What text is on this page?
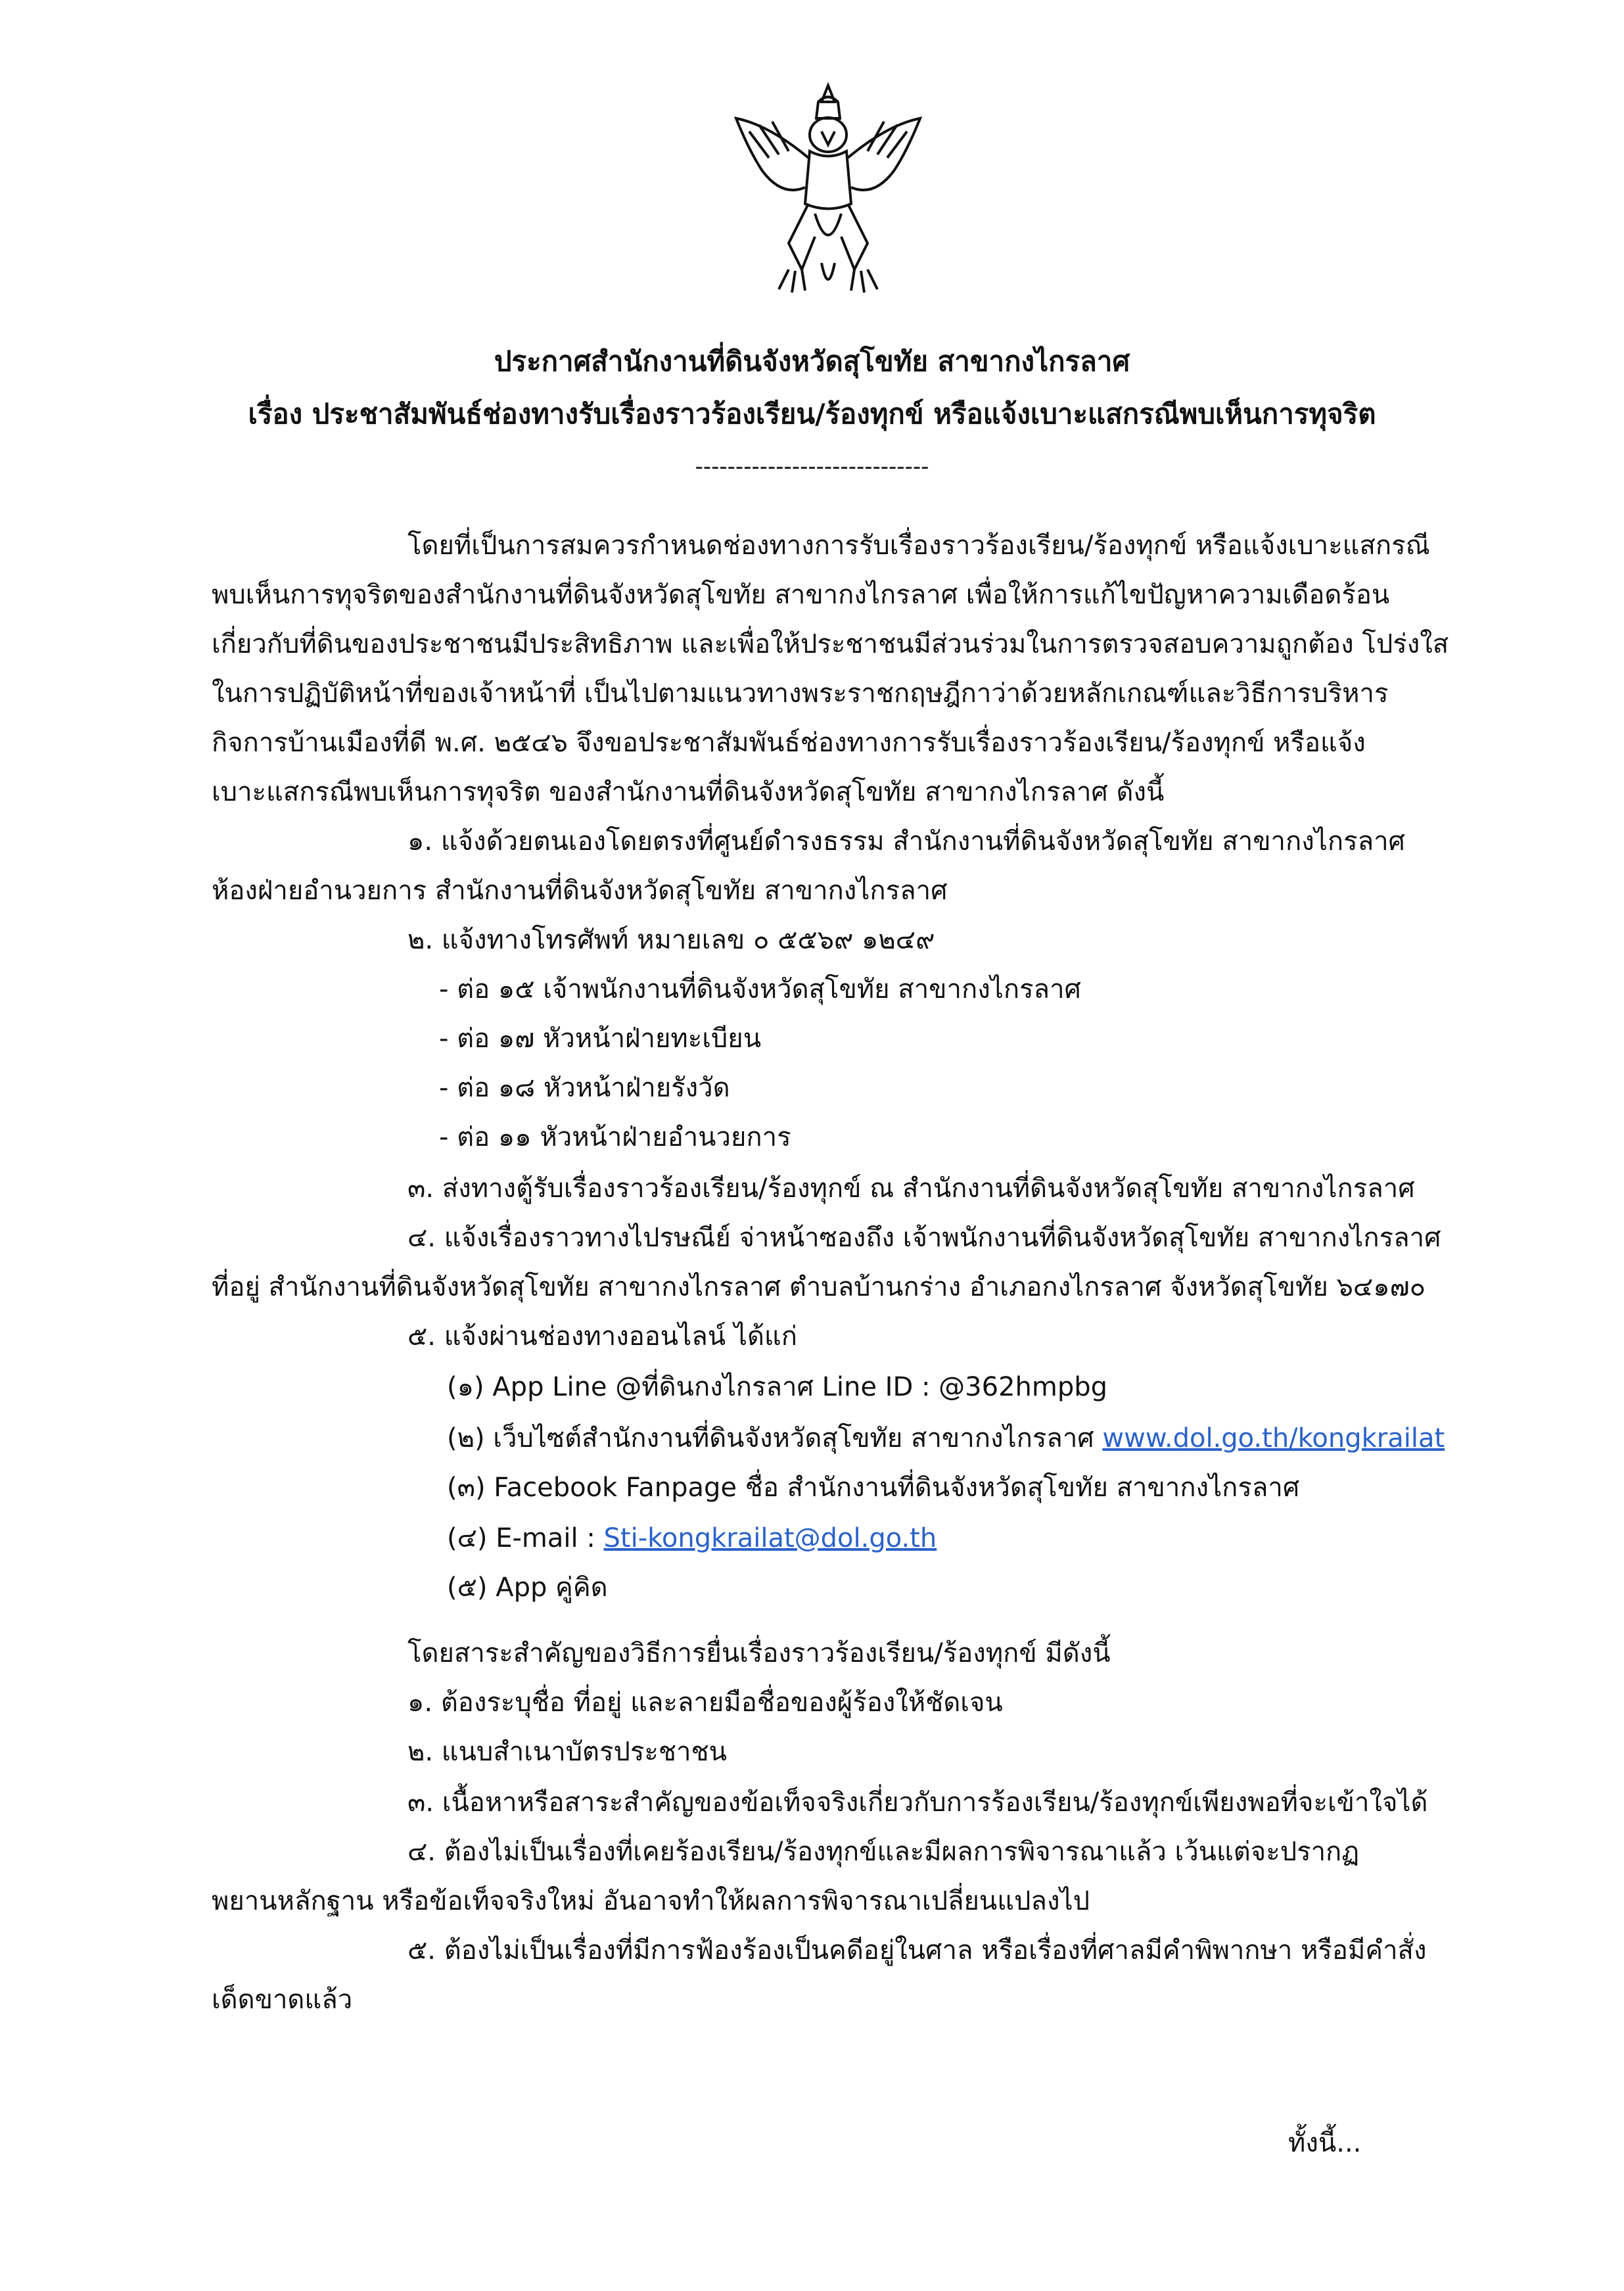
ประกาศสำนักงานที่ดินจังหวัดสุโขทัย สาขากงไกรลาศ
เรื่อง ประชาสัมพันธ์ช่องทางรับเรื่องราวร้องเรียน/ร้องทุกข์ หรือแจ้งเบาะแสกรณีพบเห็นการทุจริต
-----------------------------
โดยที่เป็นการสมควรกำหนดช่องทางการรับเรื่องราวร้องเรียน/ร้องทุกข์ หรือแจ้งเบาะแสกรณี
พบเห็นการทุจริตของสำนักงานที่ดินจังหวัดสุโขทัย สาขากงไกรลาศ เพื่อให้การแก้ไขปัญหาความเดือดร้อน
เกี่ยวกับที่ดินของประชาชนมีประสิทธิภาพ และเพื่อให้ประชาชนมีส่วนร่วมในการตรวจสอบความถูกต้อง โปร่งใส
ในการปฏิบัติหน้าที่ของเจ้าหน้าที่ เป็นไปตามแนวทางพระราชกฤษฎีกาว่าด้วยหลักเกณฑ์และวิธีการบริหาร
กิจการบ้านเมืองที่ดี พ.ศ. ๒๕๔๖ จึงขอประชาสัมพันธ์ช่องทางการรับเรื่องราวร้องเรียน/ร้องทุกข์ หรือแจ้ง
เบาะแสกรณีพบเห็นการทุจริต ของสำนักงานที่ดินจังหวัดสุโขทัย สาขากงไกรลาศ ดังนี้
๑. แจ้งด้วยตนเองโดยตรงที่ศูนย์ดำรงธรรม สำนักงานที่ดินจังหวัดสุโขทัย สาขากงไกรลาศ
ห้องฝ่ายอำนวยการ สำนักงานที่ดินจังหวัดสุโขทัย สาขากงไกรลาศ
๒. แจ้งทางโทรศัพท์ หมายเลข ๐ ๕๕๖๙ ๑๒๔๙
- ต่อ ๑๕ เจ้าพนักงานที่ดินจังหวัดสุโขทัย สาขากงไกรลาศ
- ต่อ ๑๗ หัวหน้าฝ่ายทะเบียน
- ต่อ ๑๘ หัวหน้าฝ่ายรังวัด
- ต่อ ๑๑ หัวหน้าฝ่ายอำนวยการ
๓. ส่งทางตู้รับเรื่องราวร้องเรียน/ร้องทุกข์ ณ สำนักงานที่ดินจังหวัดสุโขทัย สาขากงไกรลาศ
๔. แจ้งเรื่องราวทางไปรษณีย์ จ่าหน้าซองถึง เจ้าพนักงานที่ดินจังหวัดสุโขทัย สาขากงไกรลาศ
ที่อยู่ สำนักงานที่ดินจังหวัดสุโขทัย สาขากงไกรลาศ ตำบลบ้านกร่าง อำเภอกงไกรลาศ จังหวัดสุโขทัย ๖๔๑๗๐
๕. แจ้งผ่านช่องทางออนไลน์ ได้แก่
(๑) App Line @ที่ดินกงไกรลาศ Line ID : @362hmpbg
(๒) เว็บไซต์สำนักงานที่ดินจังหวัดสุโขทัย สาขากงไกรลาศ www.dol.go.th/kongkrailat
(๓) Facebook Fanpage ชื่อ สำนักงานที่ดินจังหวัดสุโขทัย สาขากงไกรลาศ
(๔) E-mail : Sti-kongkrailat@dol.go.th
(๕) App คู่คิด
โดยสาระสำคัญของวิธีการยื่นเรื่องราวร้องเรียน/ร้องทุกข์ มีดังนี้
๑. ต้องระบุชื่อ ที่อยู่ และลายมือชื่อของผู้ร้องให้ชัดเจน
๒. แนบสำเนาบัตรประชาชน
๓. เนื้อหาหรือสาระสำคัญของข้อเท็จจริงเกี่ยวกับการร้องเรียน/ร้องทุกข์เพียงพอที่จะเข้าใจได้
๔. ต้องไม่เป็นเรื่องที่เคยร้องเรียน/ร้องทุกข์และมีผลการพิจารณาแล้ว เว้นแต่จะปรากฏ
พยานหลักฐาน หรือข้อเท็จจริงใหม่ อันอาจทำให้ผลการพิจารณาเปลี่ยนแปลงไป
๕. ต้องไม่เป็นเรื่องที่มีการฟ้องร้องเป็นคดีอยู่ในศาล หรือเรื่องที่ศาลมีคำพิพากษา หรือมีคำสั่ง
เด็ดขาดแล้ว
ทั้งนี้...
